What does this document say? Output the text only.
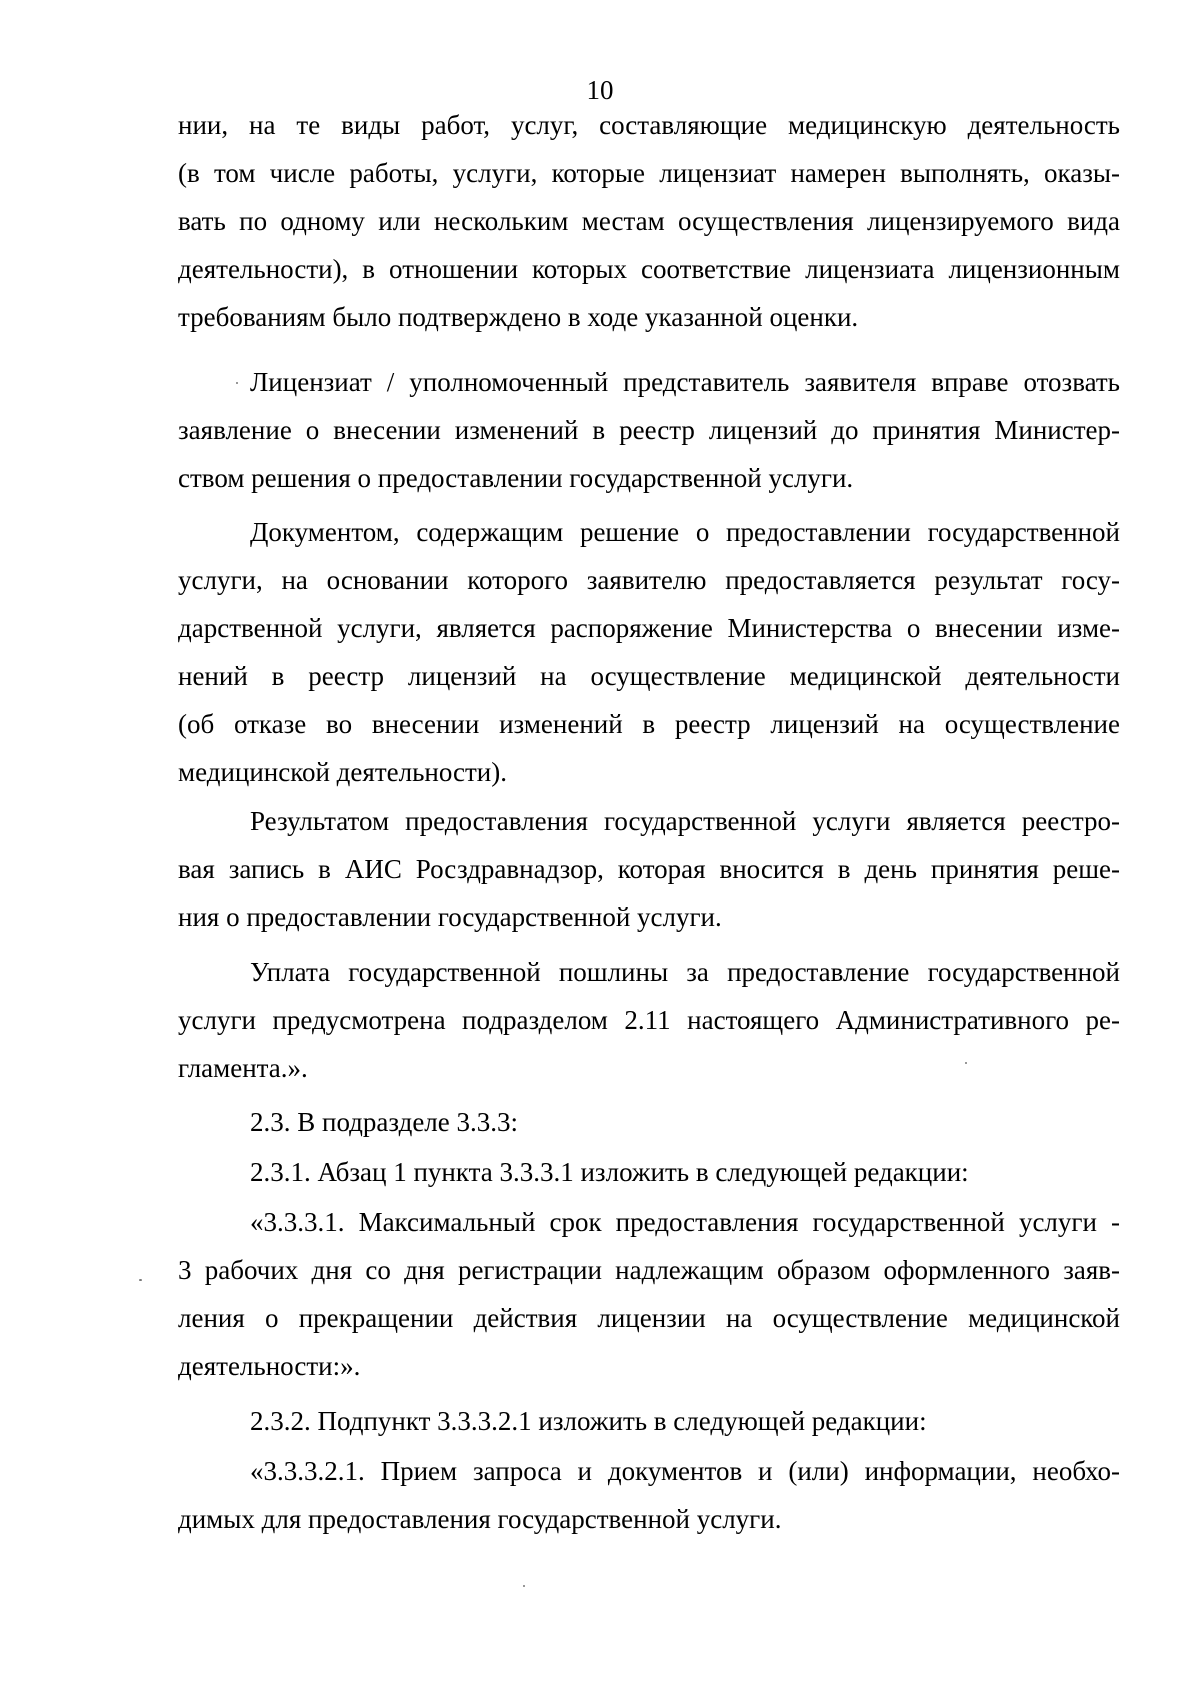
10
нии, на те виды работ, услуг, составляющие медицинскую деятельность
(в том числе работы, услуги, которые лицензиат намерен выполнять, оказы-
вать по одному или нескольким местам осуществления лицензируемого вида
деятельности), в отношении которых соответствие лицензиата лицензионным
требованиям было подтверждено в ходе указанной оценки.
Лицензиат / уполномоченный представитель заявителя вправе отозвать
заявление о внесении изменений в реестр лицензий до принятия Министер-
ством решения о предоставлении государственной услуги.
Документом, содержащим решение о предоставлении государственной
услуги, на основании которого заявителю предоставляется результат госу-
дарственной услуги, является распоряжение Министерства о внесении изме-
нений в реестр лицензий на осуществление медицинской деятельности
(об отказе во внесении изменений в реестр лицензий на осуществление
медицинской деятельности).
Результатом предоставления государственной услуги является реестро-
вая запись в АИС Росздравнадзор, которая вносится в день принятия реше-
ния о предоставлении государственной услуги.
Уплата государственной пошлины за предоставление государственной
услуги предусмотрена подразделом 2.11 настоящего Административного ре-
гламента.».
2.3. В подразделе 3.3.3:
2.3.1. Абзац 1 пункта 3.3.3.1 изложить в следующей редакции:
«3.3.3.1. Максимальный срок предоставления государственной услуги -
3 рабочих дня со дня регистрации надлежащим образом оформленного заяв-
ления о прекращении действия лицензии на осуществление медицинской
деятельности:».
2.3.2. Подпункт 3.3.3.2.1 изложить в следующей редакции:
«3.3.3.2.1. Прием запроса и документов и (или) информации, необхо-
димых для предоставления государственной услуги.
